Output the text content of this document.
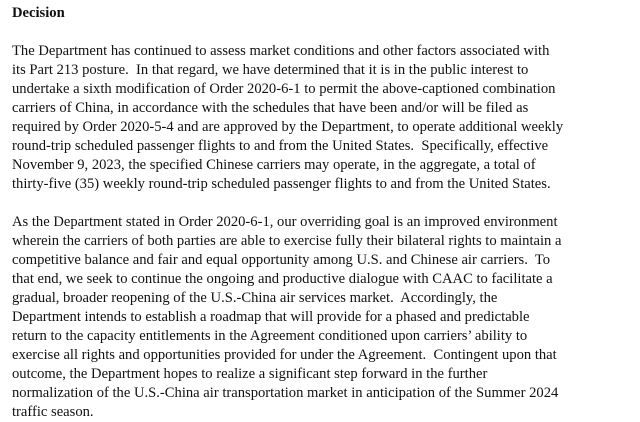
Decision
The Department has continued to assess market conditions and other factors associated with
its Part 213 posture.  In that regard, we have determined that it is in the public interest to
undertake a sixth modification of Order 2020-6-1 to permit the above-captioned combination
carriers of China, in accordance with the schedules that have been and/or will be filed as
required by Order 2020-5-4 and are approved by the Department, to operate additional weekly
round-trip scheduled passenger flights to and from the United States.  Specifically, effective
November 9, 2023, the specified Chinese carriers may operate, in the aggregate, a total of
thirty-five (35) weekly round-trip scheduled passenger flights to and from the United States.
As the Department stated in Order 2020-6-1, our overriding goal is an improved environment
wherein the carriers of both parties are able to exercise fully their bilateral rights to maintain a
competitive balance and fair and equal opportunity among U.S. and Chinese air carriers.  To
that end, we seek to continue the ongoing and productive dialogue with CAAC to facilitate a
gradual, broader reopening of the U.S.-China air services market.  Accordingly, the
Department intends to establish a roadmap that will provide for a phased and predictable
return to the capacity entitlements in the Agreement conditioned upon carriers’ ability to
exercise all rights and opportunities provided for under the Agreement.  Contingent upon that
outcome, the Department hopes to realize a significant step forward in the further
normalization of the U.S.-China air transportation market in anticipation of the Summer 2024
traffic season.
